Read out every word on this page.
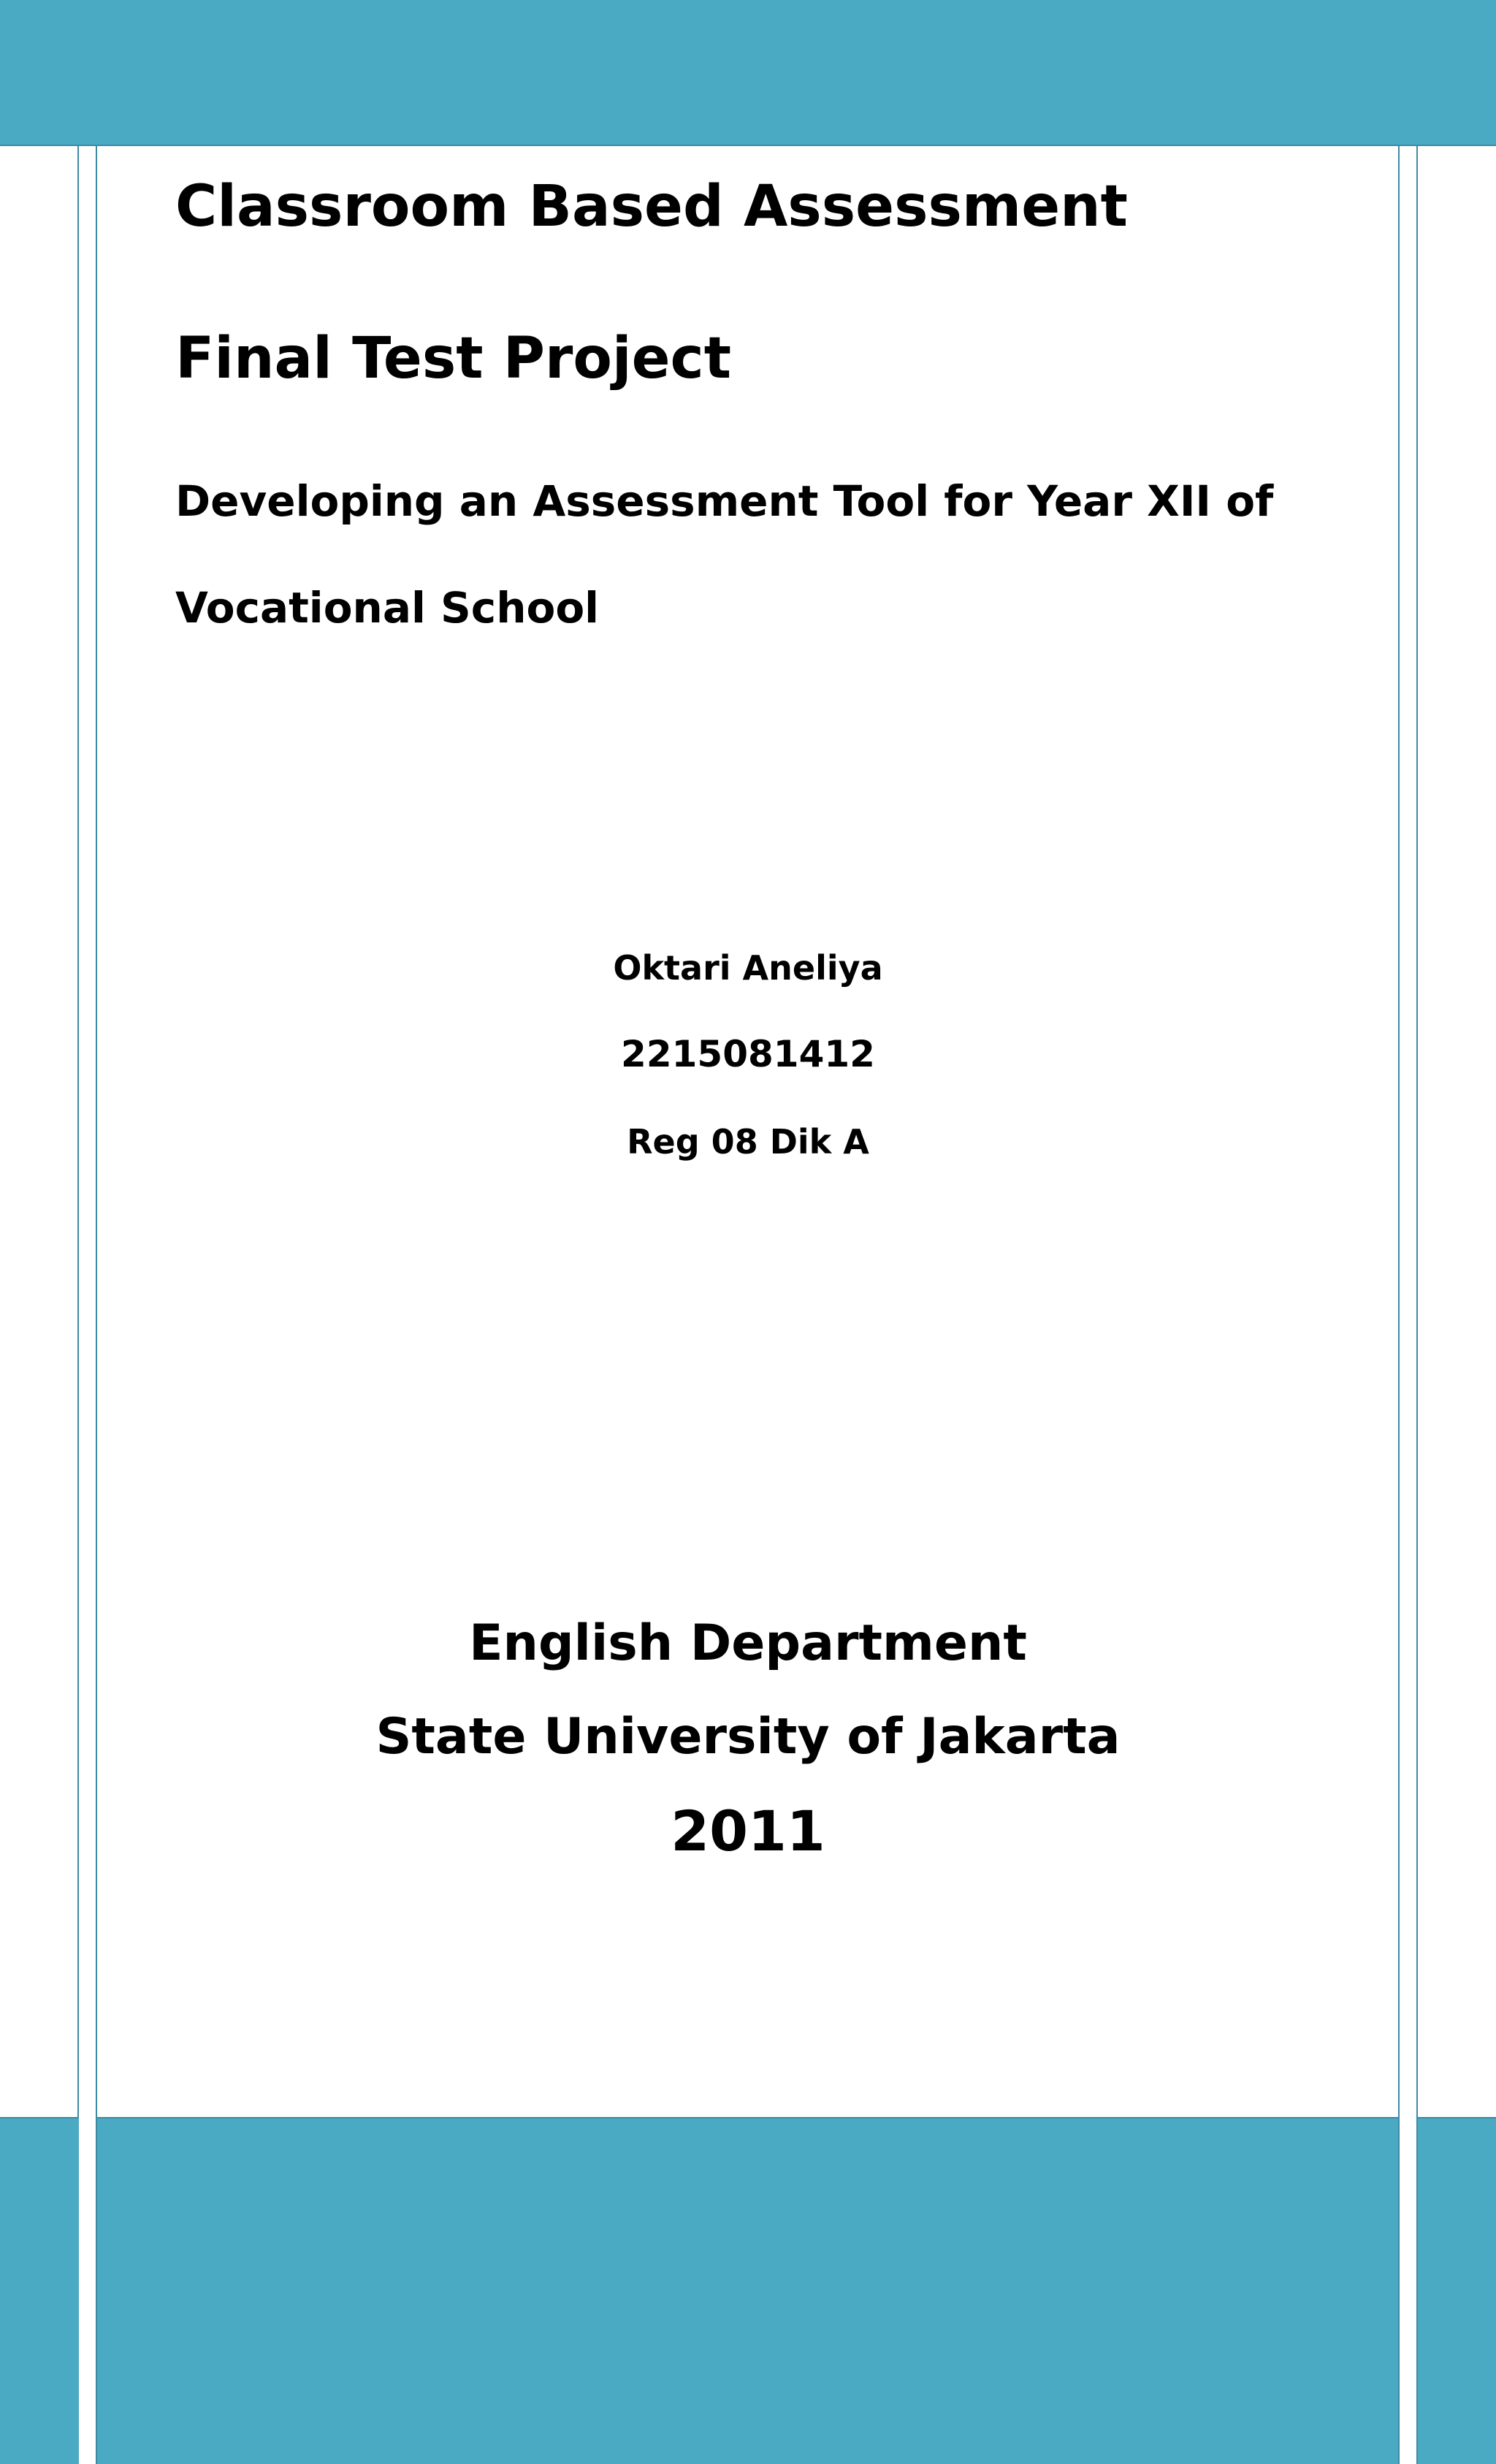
Classroom Based Assessment
Final Test Project
Developing an Assessment Tool for Year XII of
Vocational School

Oktari Aneliya

2215081412

Reg 08 Dik A

English Department

State University of Jakarta

2011
